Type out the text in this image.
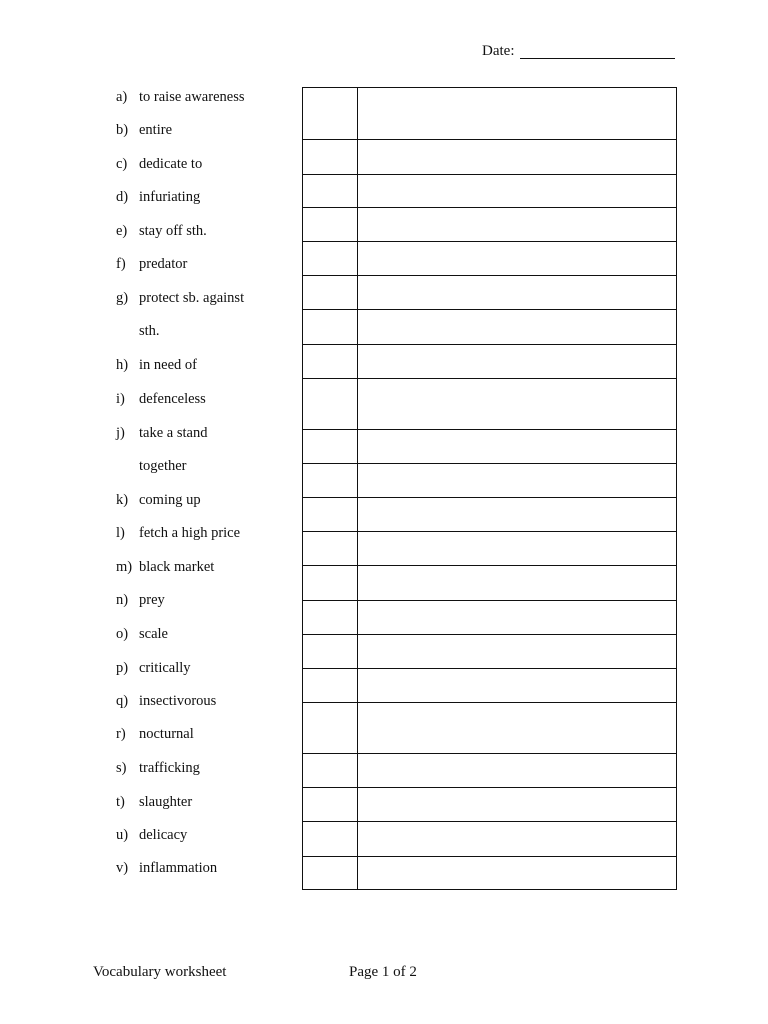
Date:
a) to raise awareness
b) entire
c) dedicate to
d) infuriating
e) stay off sth.
f) predator
g) protect sb. against
sth.
h) in need of
i) defenceless
j) take a stand
together
k) coming up
l) fetch a high price
m) black market
n) prey
o) scale
p) critically
q) insectivorous
r) nocturnal
s) trafficking
t) slaughter
u) delicacy
v) inflammation
Vocabulary worksheet	Page 1 of 2
